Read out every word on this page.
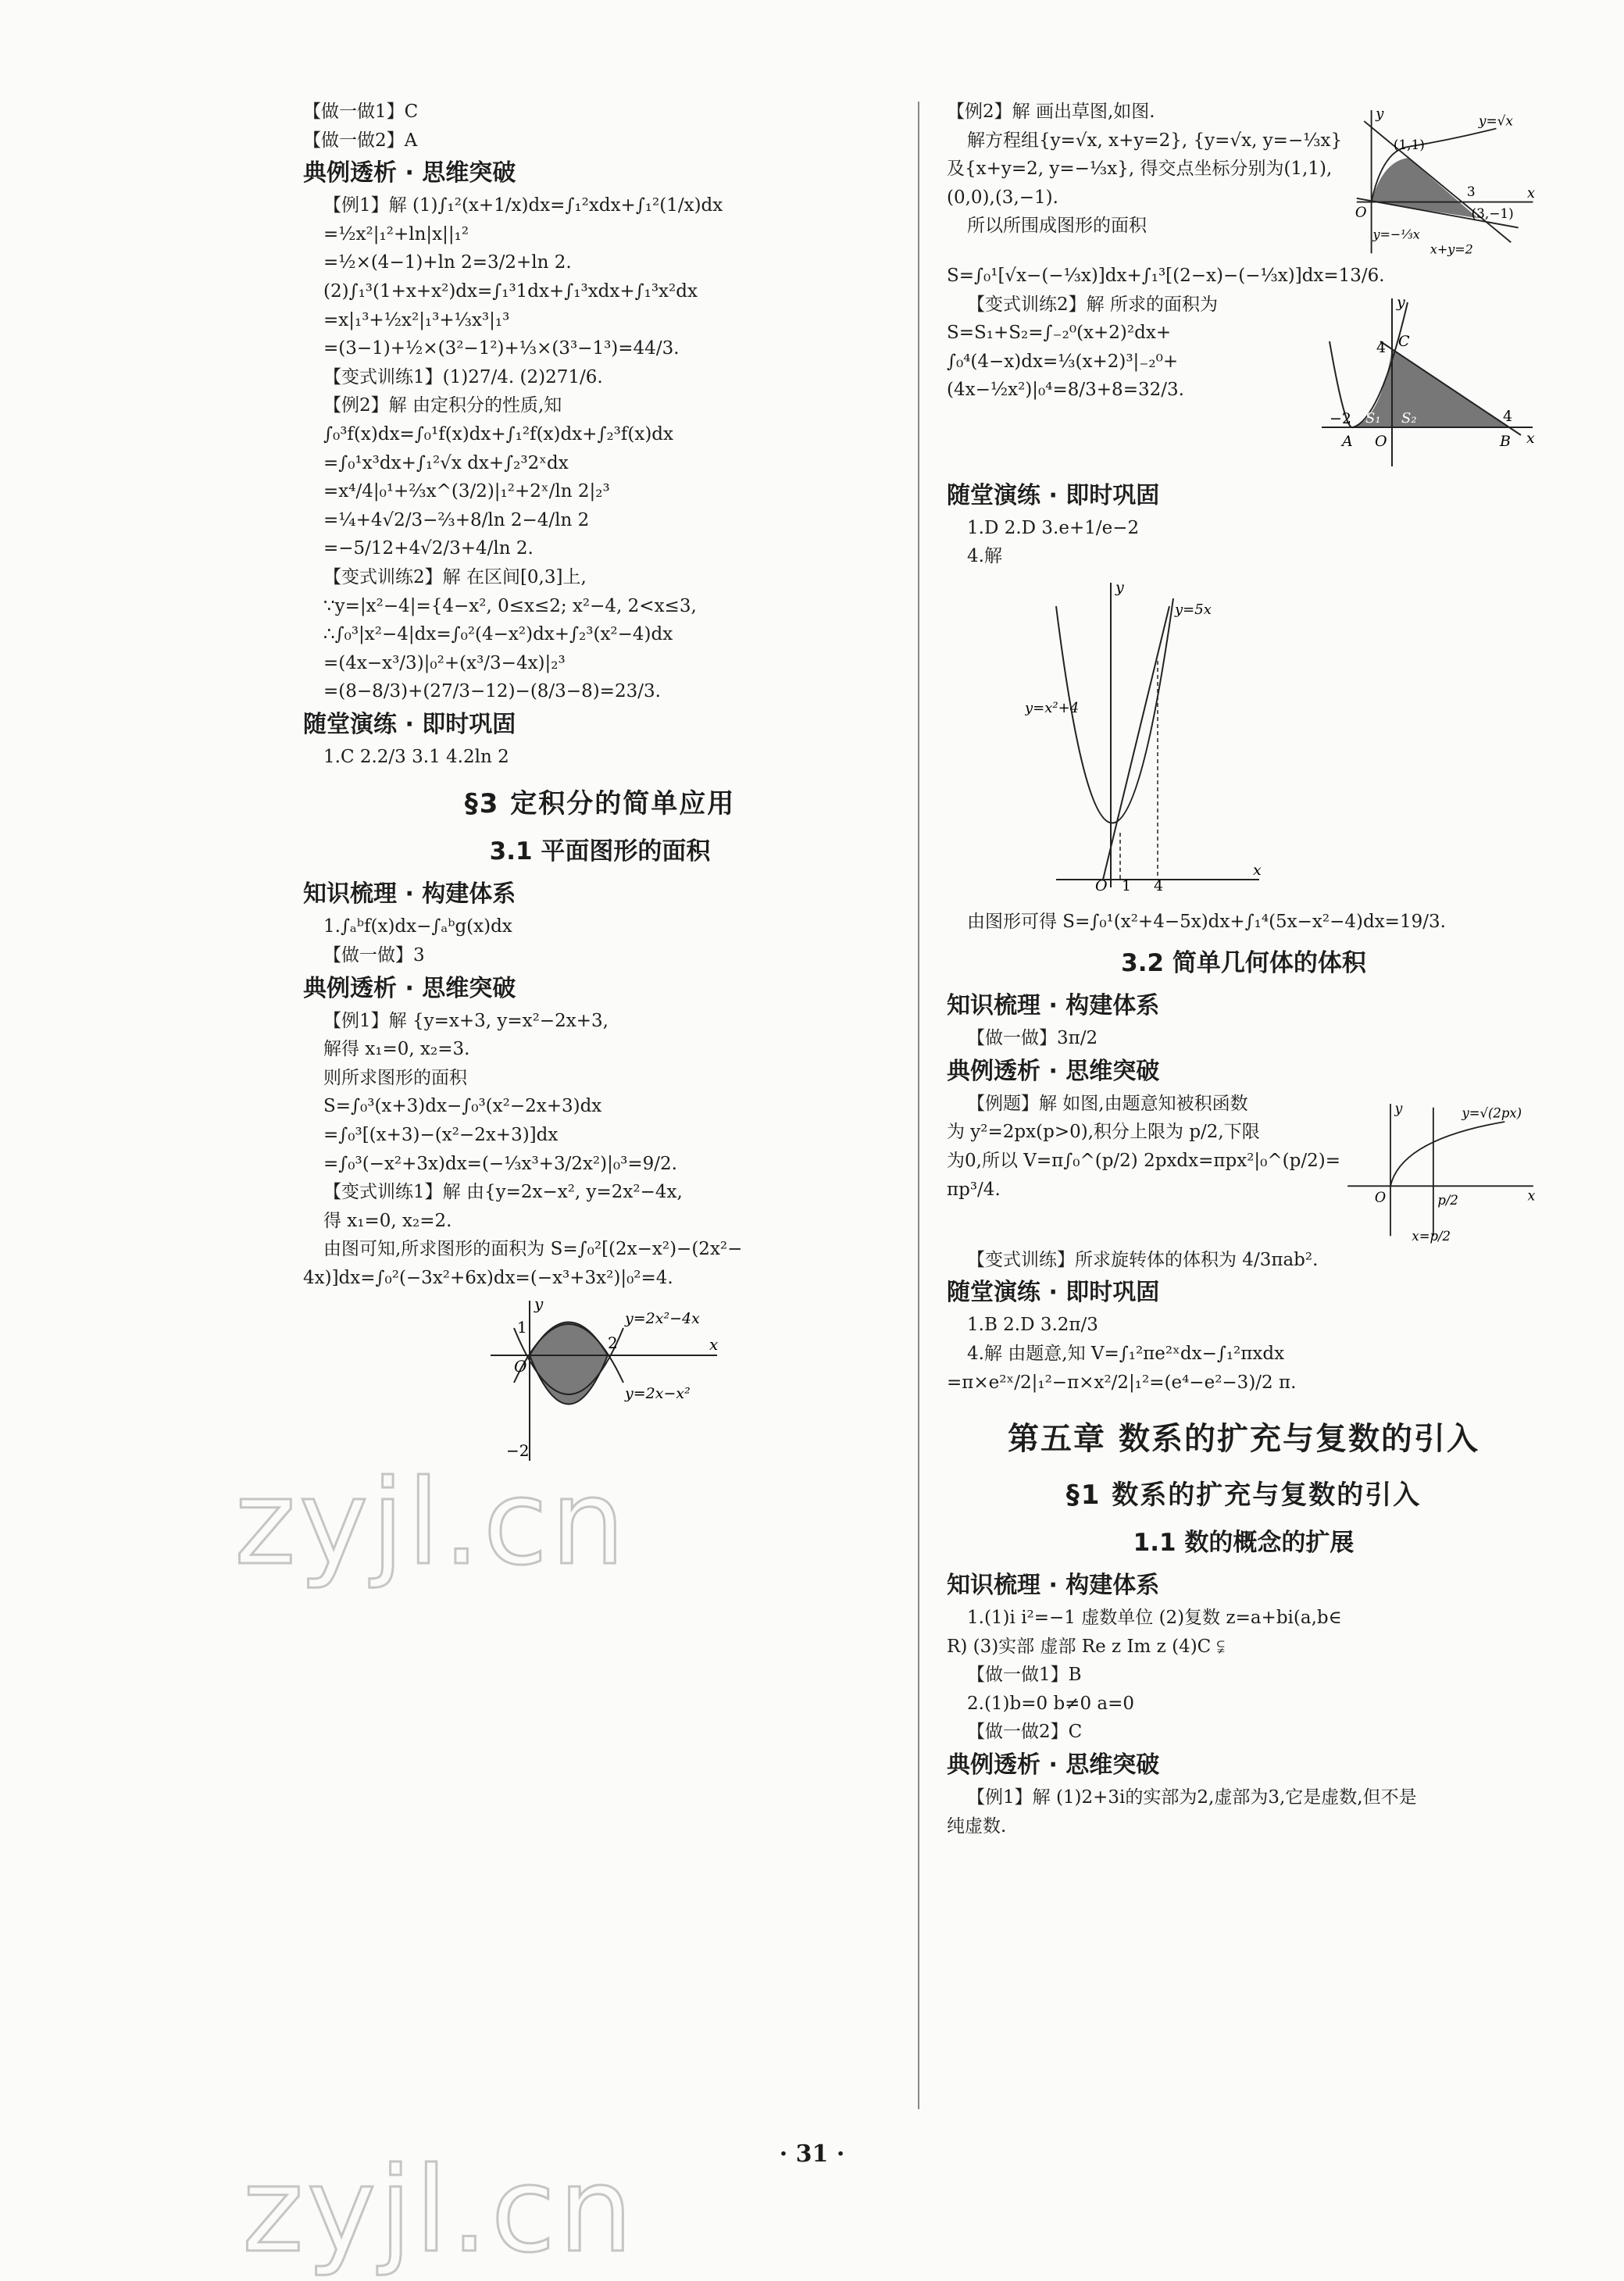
【做一做1】C
【做一做2】A
典例透析 · 思维突破
【例1】解 (1)∫₁²(x+1/x)dx=∫₁²xdx+∫₁²(1/x)dx
=½x²|₁²+ln|x||₁²
=½×(4−1)+ln 2=3/2+ln 2.
(2)∫₁³(1+x+x²)dx=∫₁³1dx+∫₁³xdx+∫₁³x²dx
=x|₁³+½x²|₁³+⅓x³|₁³
=(3−1)+½×(3²−1²)+⅓×(3³−1³)=44/3.
【变式训练1】(1)27/4. (2)271/6.
【例2】解 由定积分的性质,知
∫₀³f(x)dx=∫₀¹f(x)dx+∫₁²f(x)dx+∫₂³f(x)dx
=∫₀¹x³dx+∫₁²√x dx+∫₂³2ˣdx
=x⁴/4|₀¹+⅔x^(3/2)|₁²+2ˣ/ln 2|₂³
=¼+4√2/3−⅔+8/ln 2−4/ln 2
=−5/12+4√2/3+4/ln 2.
【变式训练2】解 在区间[0,3]上,
∵y=|x²−4|={4−x², 0≤x≤2; x²−4, 2<x≤3,
∴∫₀³|x²−4|dx=∫₀²(4−x²)dx+∫₂³(x²−4)dx
=(4x−x³/3)|₀²+(x³/3−4x)|₂³
=(8−8/3)+(27/3−12)−(8/3−8)=23/3.
随堂演练 · 即时巩固
1.C 2.2/3 3.1 4.2ln 2
§3 定积分的简单应用
3.1 平面图形的面积
知识梳理 · 构建体系
1.∫ₐᵇf(x)dx−∫ₐᵇg(x)dx
【做一做】3
典例透析 · 思维突破
【例1】解 {y=x+3, y=x²−2x+3,
解得 x₁=0, x₂=3.
则所求图形的面积
S=∫₀³(x+3)dx−∫₀³(x²−2x+3)dx
=∫₀³[(x+3)−(x²−2x+3)]dx
=∫₀³(−x²+3x)dx=(−⅓x³+3/2x²)|₀³=9/2.
【变式训练1】解 由{y=2x−x², y=2x²−4x,
得 x₁=0, x₂=2.
由图可知,所求图形的面积为 S=∫₀²[(2x−x²)−(2x²−
4x)]dx=∫₀²(−3x²+6x)dx=(−x³+3x²)|₀²=4.
y
x
O
1
2
−2
y=2x²−4x
y=2x−x²
【例2】解 画出草图,如图.
解方程组{y=√x, x+y=2}, {y=√x, y=−⅓x}
及{x+y=2, y=−⅓x}, 得交点坐标分别为(1,1),
(0,0),(3,−1).
所以所围成图形的面积
y
x
O
(1,1)
3
(3,−1)
y=√x
y=−⅓x
x+y=2
S=∫₀¹[√x−(−⅓x)]dx+∫₁³[(2−x)−(−⅓x)]dx=13/6.
【变式训练2】解 所求的面积为
S=S₁+S₂=∫₋₂⁰(x+2)²dx+
∫₀⁴(4−x)dx=⅓(x+2)³|₋₂⁰+
(4x−½x²)|₀⁴=8/3+8=32/3.
y
x
O
C
4
−2
A	B
S₁ S₂	4
随堂演练 · 即时巩固
1.D 2.D 3.e+1/e−2
4.解
y
x
O 1 4
y=x²+4
y=5x
由图形可得 S=∫₀¹(x²+4−5x)dx+∫₁⁴(5x−x²−4)dx=19/3.
3.2 简单几何体的体积
知识梳理 · 构建体系
【做一做】3π/2
典例透析 · 思维突破
【例题】解 如图,由题意知被积函数
为 y²=2px(p>0),积分上限为 p/2,下限
为0,所以 V=π∫₀^(p/2) 2pxdx=πpx²|₀^(p/2)=
πp³/4.
y
x
O	p/2
y=√(2px)
x=p/2
【变式训练】所求旋转体的体积为 4/3πab².
随堂演练 · 即时巩固
1.B 2.D 3.2π/3
4.解 由题意,知 V=∫₁²πe²ˣdx−∫₁²πxdx
=π×e²ˣ/2|₁²−π×x²/2|₁²=(e⁴−e²−3)/2 π.
第五章 数系的扩充与复数的引入
§1 数系的扩充与复数的引入
1.1 数的概念的扩展
知识梳理 · 构建体系
1.(1)i i²=−1 虚数单位 (2)复数 z=a+bi(a,b∈
R) (3)实部 虚部 Re z Im z (4)C ⫋
【做一做1】B
2.(1)b=0 b≠0 a=0
【做一做2】C
典例透析 · 思维突破
【例1】解 (1)2+3i的实部为2,虚部为3,它是虚数,但不是
纯虚数.
· 31 ·
zyjl.cn
zyjl.cn
